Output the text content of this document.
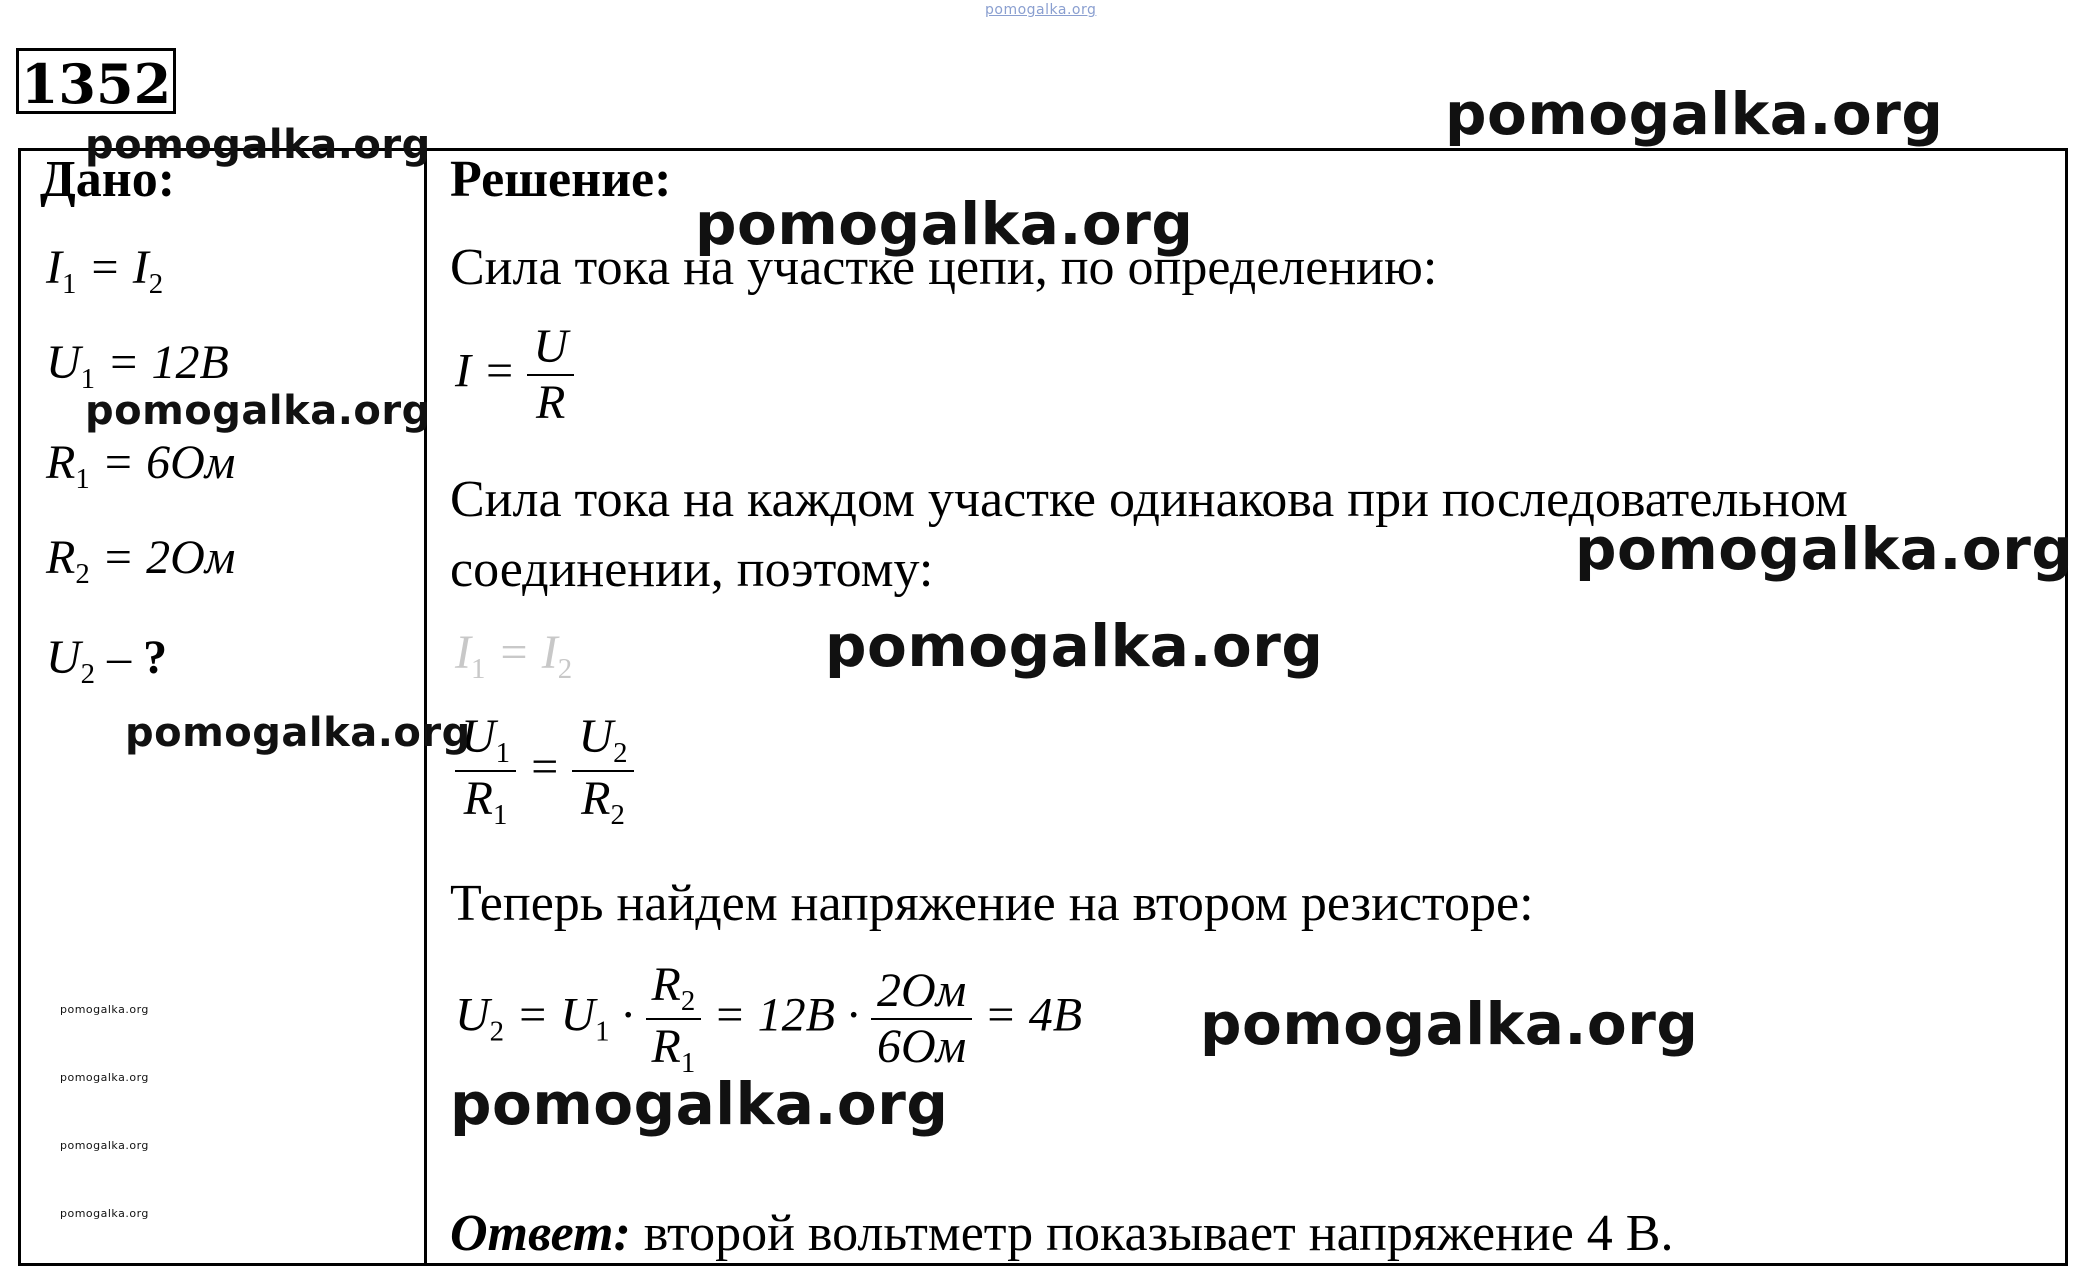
pomogalka.org
1352
Дано:
$I_1 = I_2$
$U_1 = 12B$
$R_1 = 6Ом$
$R_2 = 2Ом$
$U_2$ – ?
Решение:
Сила тока на участке цепи, по определению:
$I = \frac{U}{R}$
Сила тока на каждом участке одинакова при последовательном
соединении, поэтому:
$I_1 = I_2$
$\frac{U_1}{R_1} = \frac{U_2}{R_2}$
Теперь найдем напряжение на втором резисторе:
$U_2 = U_1 \cdot \frac{R_2}{R_1} = 12B \cdot \frac{2Ом}{6Ом} = 4B$
Ответ: второй вольтметр показывает напряжение 4 В.
pomogalka.org
pomogalka.org
pomogalka.org
pomogalka.org
pomogalka.org
pomogalka.org
pomogalka.org
pomogalka.org
pomogalka.org
pomogalka.org
pomogalka.org
pomogalka.org
pomogalka.org
